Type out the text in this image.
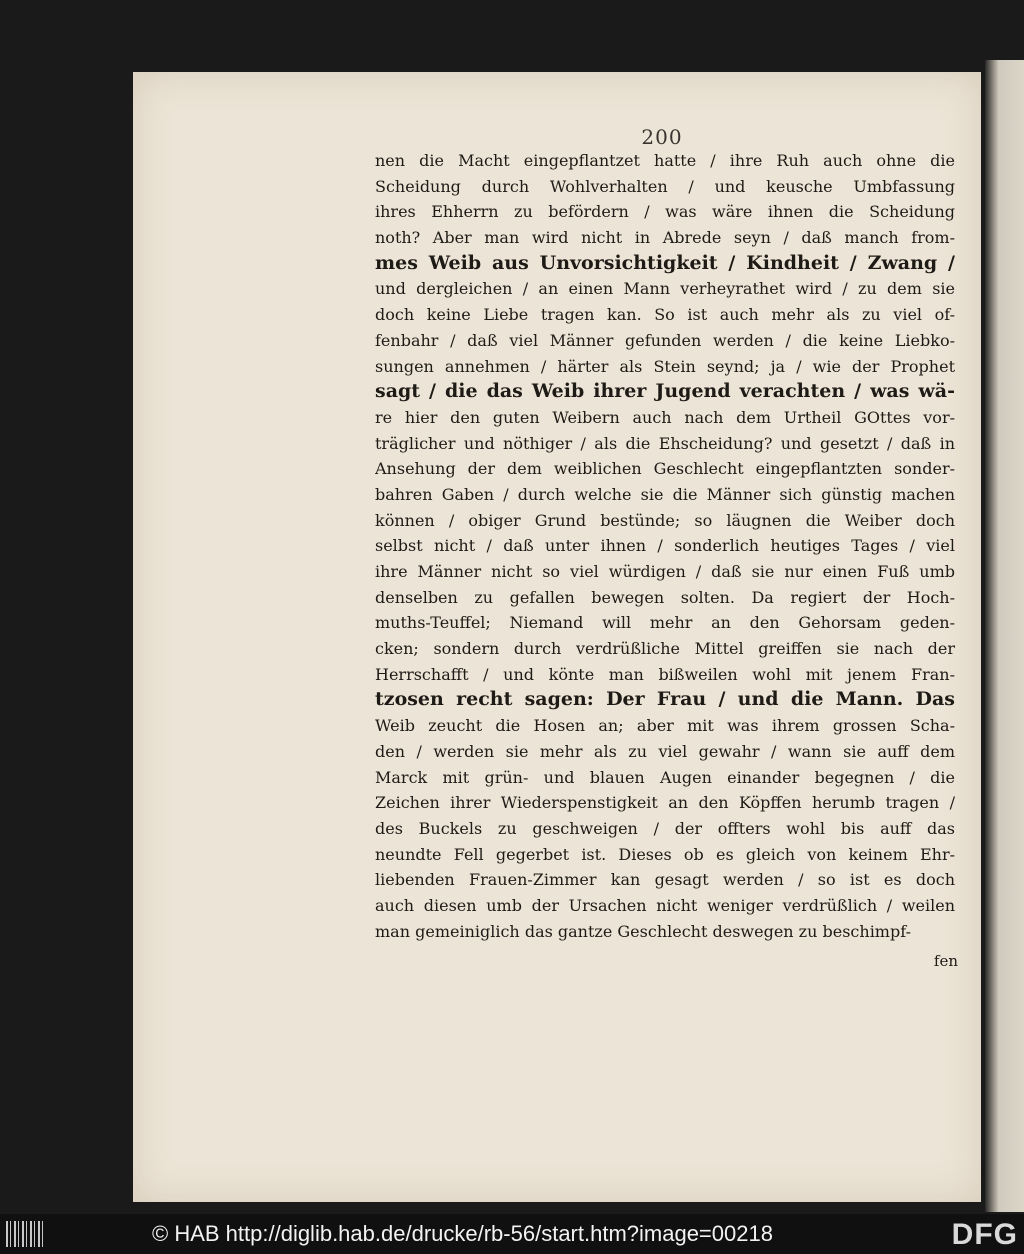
200
nen die Macht eingepflantzet hatte / ihre Ruh auch ohne die
Scheidung durch Wohlverhalten / und keusche Umbfassung
ihres Ehherrn zu befördern / was wäre ihnen die Scheidung
noth? Aber man wird nicht in Abrede seyn / daß manch from-
mes Weib aus Unvorsichtigkeit / Kindheit / Zwang /
und dergleichen / an einen Mann verheyrathet wird / zu dem sie
doch keine Liebe tragen kan. So ist auch mehr als zu viel of-
fenbahr / daß viel Männer gefunden werden / die keine Liebko-
sungen annehmen / härter als Stein seynd; ja / wie der Prophet
sagt / die das Weib ihrer Jugend verachten / was wä-
re hier den guten Weibern auch nach dem Urtheil GOttes vor-
träglicher und nöthiger / als die Ehscheidung? und gesetzt / daß in
Ansehung der dem weiblichen Geschlecht eingepflantzten sonder-
bahren Gaben / durch welche sie die Männer sich günstig machen
können / obiger Grund bestünde; so läugnen die Weiber doch
selbst nicht / daß unter ihnen / sonderlich heutiges Tages / viel
ihre Männer nicht so viel würdigen / daß sie nur einen Fuß umb
denselben zu gefallen bewegen solten. Da regiert der Hoch-
muths-Teuffel; Niemand will mehr an den Gehorsam geden-
cken; sondern durch verdrüßliche Mittel greiffen sie nach der
Herrschafft / und könte man bißweilen wohl mit jenem Fran-
tzosen recht sagen: Der Frau / und die Mann. Das
Weib zeucht die Hosen an; aber mit was ihrem grossen Scha-
den / werden sie mehr als zu viel gewahr / wann sie auff dem
Marck mit grün- und blauen Augen einander begegnen / die
Zeichen ihrer Wiederspenstigkeit an den Köpffen herumb tragen /
des Buckels zu geschweigen / der offters wohl bis auff das
neundte Fell gegerbet ist. Dieses ob es gleich von keinem Ehr-
liebenden Frauen-Zimmer kan gesagt werden / so ist es doch
auch diesen umb der Ursachen nicht weniger verdrüßlich / weilen
man gemeiniglich das gantze Geschlecht deswegen zu beschimpf-
fen
© HAB http://diglib.hab.de/drucke/rb-56/start.htm?image=00218	DFG
